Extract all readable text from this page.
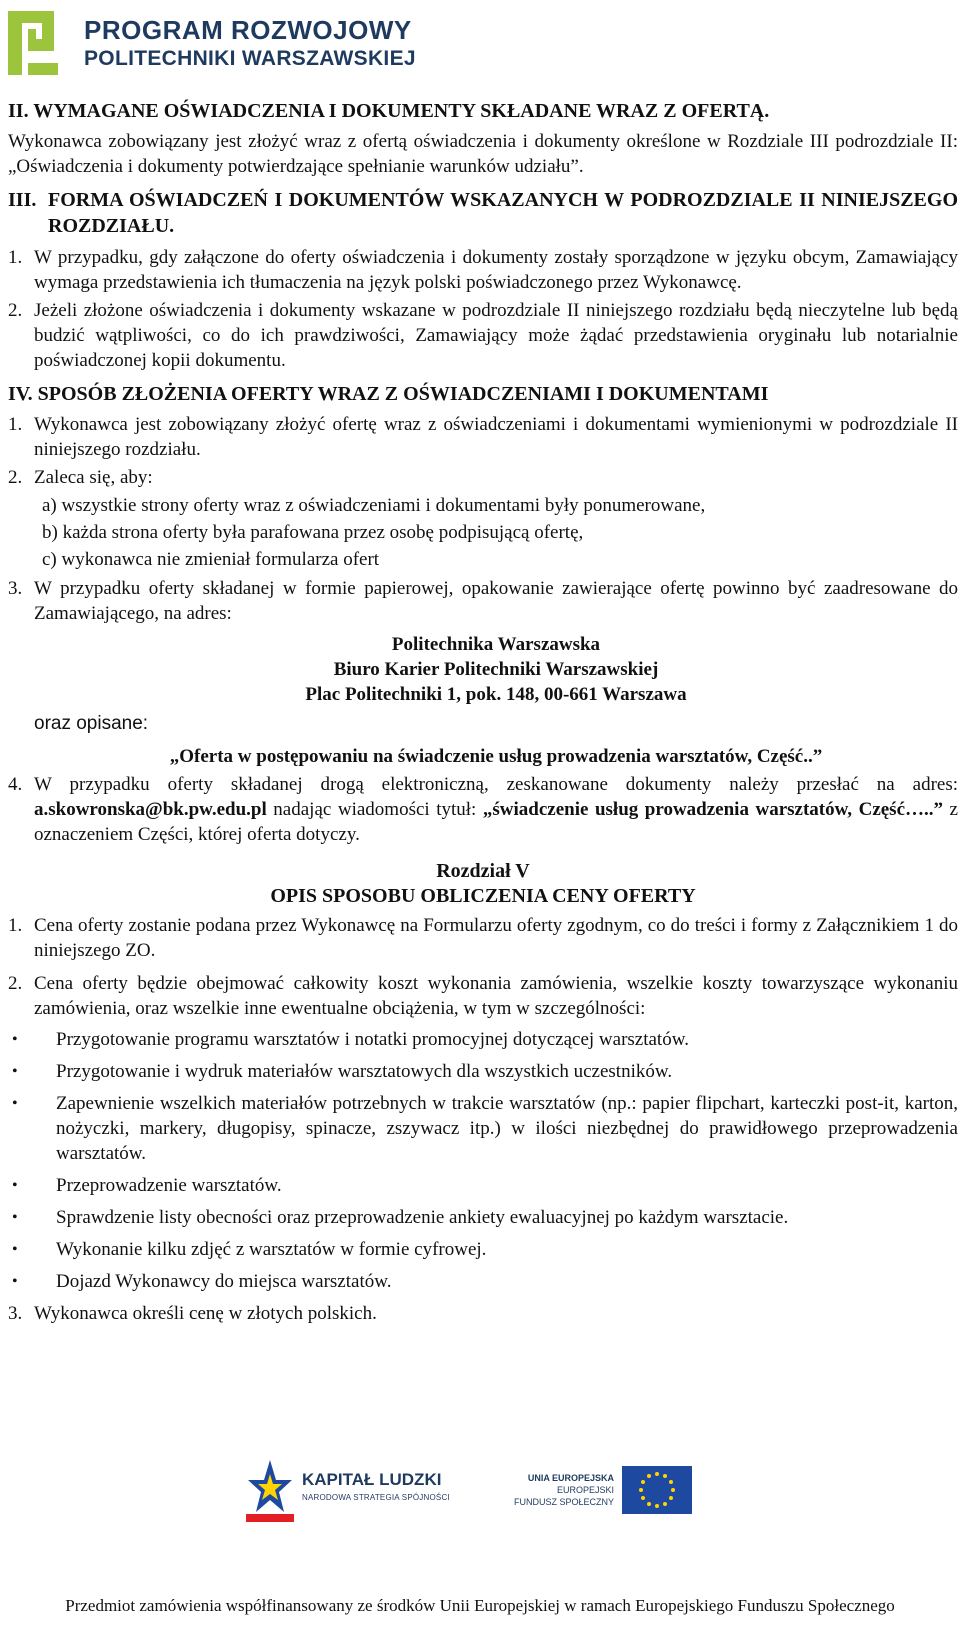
PROGRAM ROZWOJOWY
POLITECHNIKI WARSZAWSKIEJ

II. WYMAGANE OŚWIADCZENIA I DOKUMENTY SKŁADANE WRAZ Z OFERTĄ.

Wykonawca zobowiązany jest złożyć wraz z ofertą oświadczenia i dokumenty określone w Rozdziale III podrozdziale II: „Oświadczenia i dokumenty potwierdzające spełnianie warunków udziału”.

III. FORMA OŚWIADCZEŃ I DOKUMENTÓW WSKAZANYCH W PODROZDZIALE II NINIEJSZEGO ROZDZIAŁU.
1. W przypadku, gdy załączone do oferty oświadczenia i dokumenty zostały sporządzone w języku obcym, Zamawiający wymaga przedstawienia ich tłumaczenia na język polski poświadczonego przez Wykonawcę.
2. Jeżeli złożone oświadczenia i dokumenty wskazane w podrozdziale II niniejszego rozdziału będą nieczytelne lub będą budzić wątpliwości, co do ich prawdziwości, Zamawiający może żądać przedstawienia oryginału lub notarialnie poświadczonej kopii dokumentu.

IV. SPOSÓB ZŁOŻENIA OFERTY WRAZ Z OŚWIADCZENIAMI I DOKUMENTAMI

1. Wykonawca jest zobowiązany złożyć ofertę wraz z oświadczeniami i dokumentami wymienionymi w podrozdziale II niniejszego rozdziału.
2. Zaleca się, aby:
a) wszystkie strony oferty wraz z oświadczeniami i dokumentami były ponumerowane,
b) każda strona oferty była parafowana przez osobę podpisującą ofertę,
c) wykonawca nie zmieniał formularza ofert
3. W przypadku oferty składanej w formie papierowej, opakowanie zawierające ofertę powinno być zaadresowane do Zamawiającego, na adres:
Politechnika Warszawska
Biuro Karier Politechniki Warszawskiej
Plac Politechniki 1, pok. 148, 00-661 Warszawa
oraz opisane:
„Oferta w postępowaniu na świadczenie usług prowadzenia warsztatów, Część..”
4. W przypadku oferty składanej drogą elektroniczną, zeskanowane dokumenty należy przesłać na adres: a.skowronska@bk.pw.edu.pl nadając wiadomości tytuł: „świadczenie usług prowadzenia warsztatów, Część…..” z oznaczeniem Części, której oferta dotyczy.
Rozdział V
OPIS SPOSOBU OBLICZENIA CENY OFERTY
1. Cena oferty zostanie podana przez Wykonawcę na Formularzu oferty zgodnym, co do treści i formy z Załącznikiem 1 do niniejszego ZO.
2. Cena oferty będzie obejmować całkowity koszt wykonania zamówienia, wszelkie koszty towarzyszące wykonaniu zamówienia, oraz wszelkie inne ewentualne obciążenia, w tym w szczególności:
•	Przygotowanie programu warsztatów i notatki promocyjnej dotyczącej warsztatów.
•	Przygotowanie i wydruk materiałów warsztatowych dla wszystkich uczestników.
•	Zapewnienie wszelkich materiałów potrzebnych w trakcie warsztatów (np.: papier flipchart, karteczki post-it, karton, nożyczki, markery, długopisy, spinacze, zszywacz itp.) w ilości niezbędnej do prawidłowego przeprowadzenia warsztatów.
•	Przeprowadzenie warsztatów.
•	Sprawdzenie listy obecności oraz przeprowadzenie ankiety ewaluacyjnej po każdym warsztacie.
•	Wykonanie kilku zdjęć z warsztatów w formie cyfrowej.
•	Dojazd Wykonawcy do miejsca warsztatów.
3. Wykonawca określi cenę w złotych polskich.
KAPITAŁ LUDZKI
NARODOWA STRATEGIA SPÓJNOŚCI
UNIA EUROPEJSKA
EUROPEJSKI
FUNDUSZ SPOŁECZNY
Przedmiot zamówienia współfinansowany ze środków Unii Europejskiej w ramach Europejskiego Funduszu Społecznego
